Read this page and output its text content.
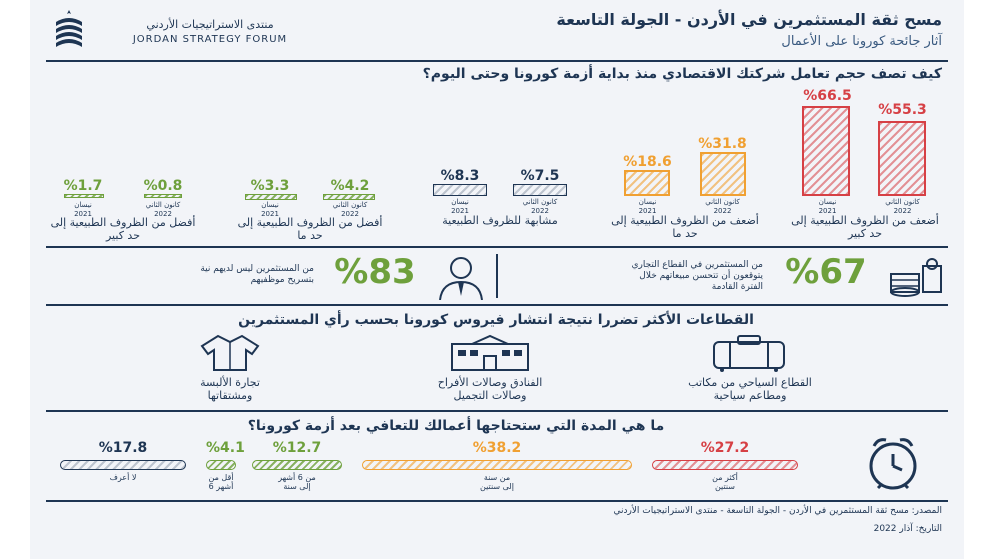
مسح ثقة المستثمرين في الأردن - الجولة التاسعة
آثار جائحة كورونا على الأعمال
منتدى الاستراتيجيات الأردني
JORDAN STRATEGY FORUM
كيف تصف حجم تعامل شركتك الاقتصادي منذ بداية أزمة كورونا وحتى اليوم؟
%66.5
%55.3
نيسان
2021
كانون الثاني
2022
أضعف من الظروف الطبيعية إلى حد كبير
%18.6
%31.8
نيسان
2021
كانون الثاني
2022
أضعف من الظروف الطبيعية إلى حد ما
%8.3	%7.5
نيسان
2021
كانون الثاني
2022
مشابهة للظروف الطبيعية
%3.3	%4.2
نيسان
2021
كانون الثاني
2022
أفضل من الظروف الطبيعية إلى حد ما
%1.7	%0.8
نيسان
2021
كانون الثاني
2022
أفضل من الظروف الطبيعية إلى حد كبير
%67
من المستثمرين في القطاع التجاري
يتوقعون أن تتحسن مبيعاتهم خلال
الفترة القادمة
%83
من المستثمرين ليس لديهم نية
بتسريح موظفيهم
القطاعات الأكثر تضررا نتيجة انتشار فيروس كورونا بحسب رأي المستثمرين
القطاع السياحي من مكاتب
ومطاعم سياحية
الفنادق وصالات الأفراح
وصالات التجميل
تجارة الألبسة
ومشتقاتها
ما هي المدة التي ستحتاجها أعمالك للتعافي بعد أزمة كورونا؟
%27.2
أكثر من
سنتين
%38.2
من سنة
إلى سنتين
%12.7
من 6 أشهر
إلى سنة
%4.1
أقل من
6 أشهر
%17.8
لا أعرف
المصدر: مسح ثقة المستثمرين في الأردن - الجولة التاسعة - منتدى الاستراتيجيات الأردني
التاريخ: آذار 2022
